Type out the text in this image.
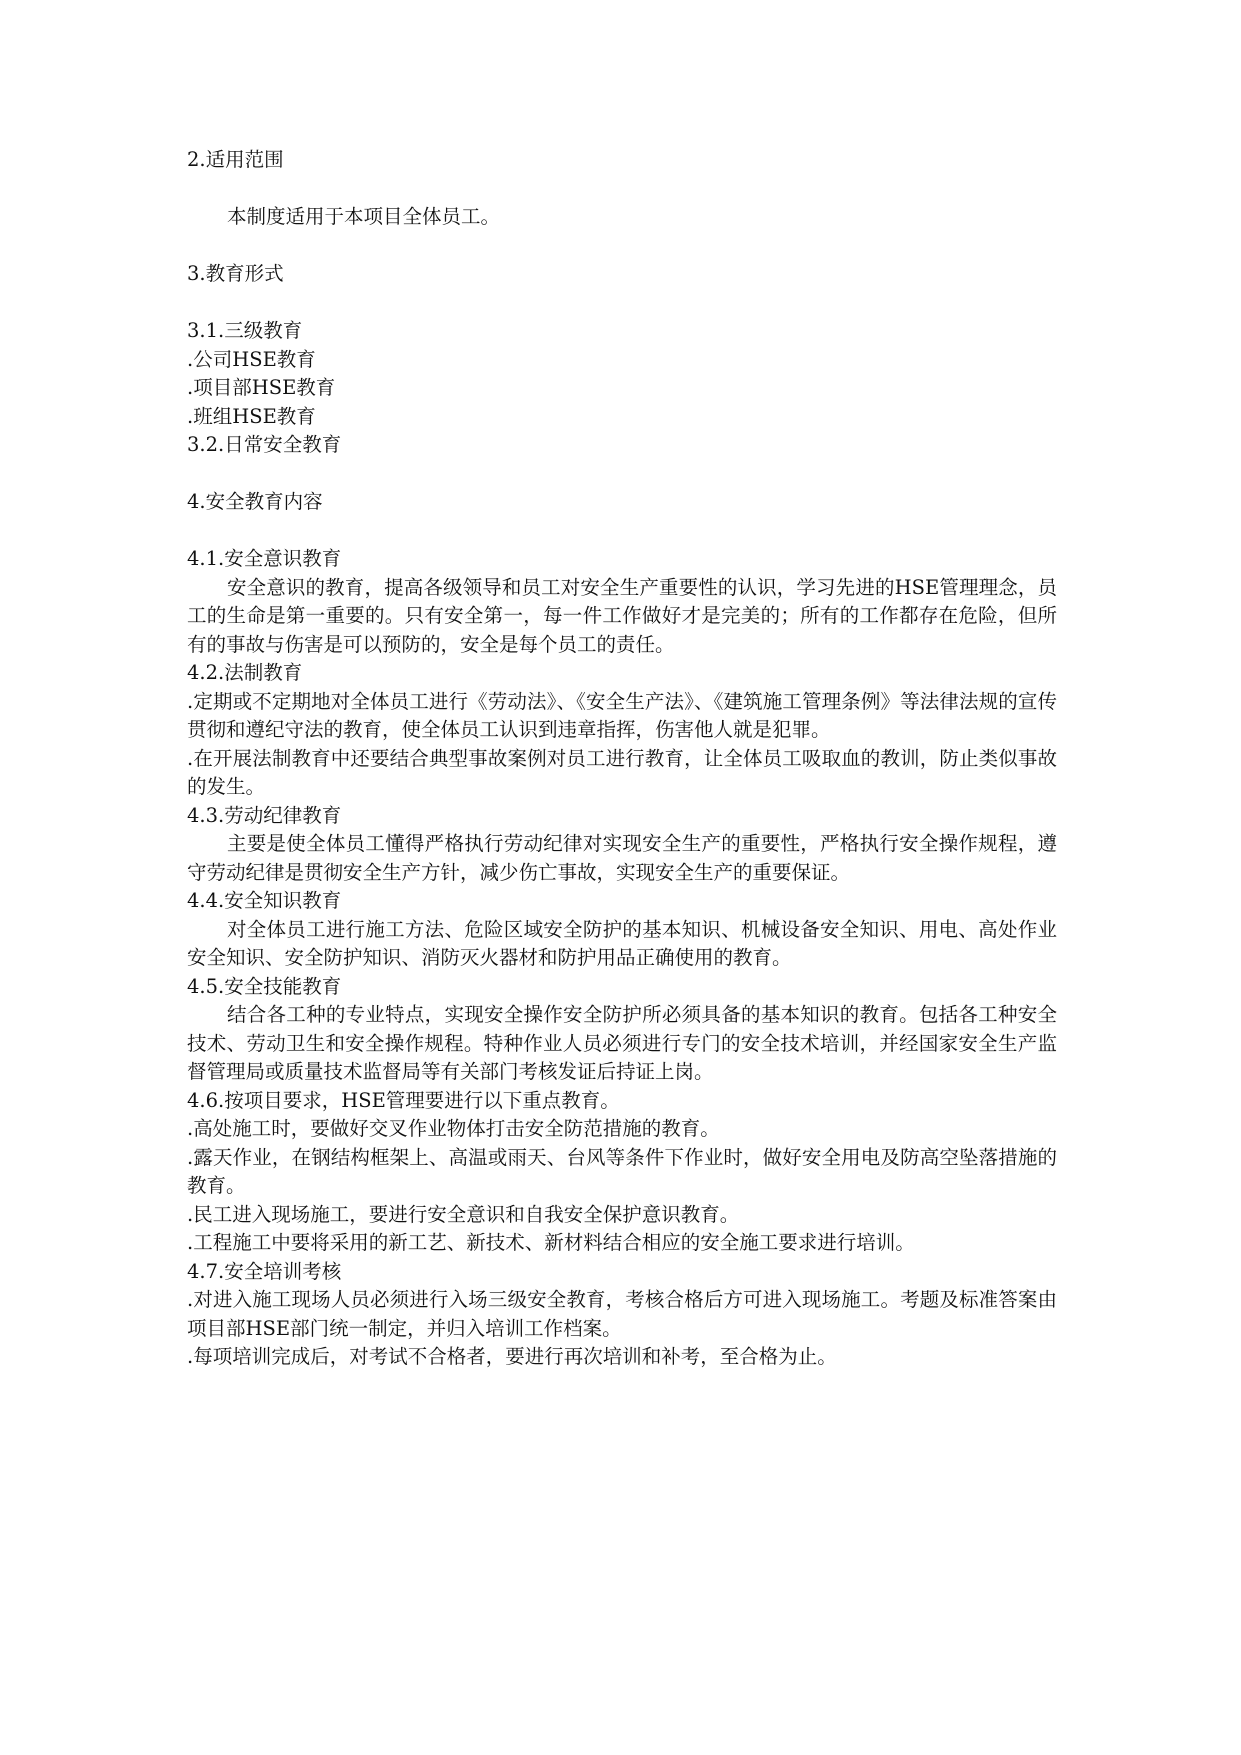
2.适用范围
本制度适用于本项目全体员工。
3.教育形式
3.1.三级教育
.公司HSE教育
.项目部HSE教育
.班组HSE教育
3.2.日常安全教育
4.安全教育内容
4.1.安全意识教育
安全意识的教育，提高各级领导和员工对安全生产重要性的认识，学习先进的HSE管理理念，员工的生命是第一重要的。只有安全第一，每一件工作做好才是完美的；所有的工作都存在危险，但所有的事故与伤害是可以预防的，安全是每个员工的责任。
4.2.法制教育
.定期或不定期地对全体员工进行《劳动法》、《安全生产法》、《建筑施工管理条例》等法律法规的宣传贯彻和遵纪守法的教育，使全体员工认识到违章指挥，伤害他人就是犯罪。
.在开展法制教育中还要结合典型事故案例对员工进行教育，让全体员工吸取血的教训，防止类似事故的发生。
4.3.劳动纪律教育
主要是使全体员工懂得严格执行劳动纪律对实现安全生产的重要性，严格执行安全操作规程，遵守劳动纪律是贯彻安全生产方针，减少伤亡事故，实现安全生产的重要保证。
4.4.安全知识教育
对全体员工进行施工方法、危险区域安全防护的基本知识、机械设备安全知识、用电、高处作业安全知识、安全防护知识、消防灭火器材和防护用品正确使用的教育。
4.5.安全技能教育
结合各工种的专业特点，实现安全操作安全防护所必须具备的基本知识的教育。包括各工种安全技术、劳动卫生和安全操作规程。特种作业人员必须进行专门的安全技术培训，并经国家安全生产监督管理局或质量技术监督局等有关部门考核发证后持证上岗。
4.6.按项目要求，HSE管理要进行以下重点教育。
.高处施工时，要做好交叉作业物体打击安全防范措施的教育。
.露天作业，在钢结构框架上、高温或雨天、台风等条件下作业时，做好安全用电及防高空坠落措施的教育。
.民工进入现场施工，要进行安全意识和自我安全保护意识教育。
.工程施工中要将采用的新工艺、新技术、新材料结合相应的安全施工要求进行培训。
4.7.安全培训考核
.对进入施工现场人员必须进行入场三级安全教育，考核合格后方可进入现场施工。考题及标准答案由项目部HSE部门统一制定，并归入培训工作档案。
.每项培训完成后，对考试不合格者，要进行再次培训和补考，至合格为止。
